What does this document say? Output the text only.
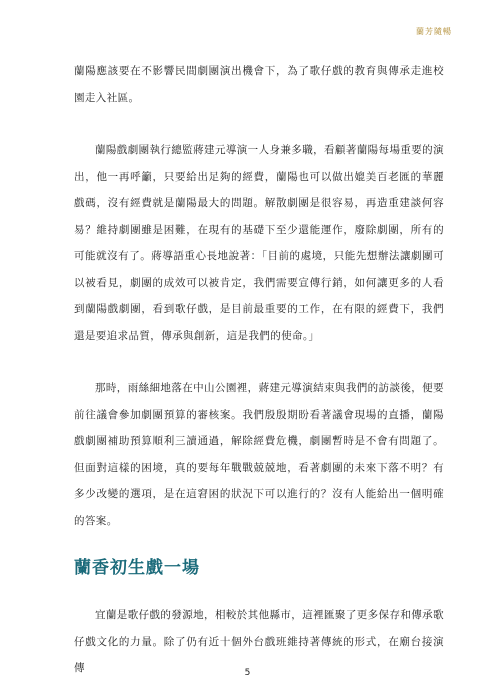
蘭芳隨暢

蘭陽應該要在不影響民間劇團演出機會下，為了歌仔戲的教育與傳承走進校園走入社區。

蘭陽戲劇團執行總監蔣建元導演一人身兼多職，看顧著蘭陽每場重要的演出，他一再呼籲，只要給出足夠的經費，蘭陽也可以做出媲美百老匯的華麗戲碼，沒有經費就是蘭陽最大的問題。解散劇團是很容易，再造重建談何容易？維持劇團雖是困難，在現有的基礎下至少還能運作，廢除劇團，所有的可能就沒有了。蔣導語重心長地說著：「目前的處境，只能先想辦法讓劇團可以被看見，劇團的成效可以被肯定，我們需要宣傳行銷，如何讓更多的人看到蘭陽戲劇團，看到歌仔戲，是目前最重要的工作，在有限的經費下，我們還是要追求品質，傳承與創新，這是我們的使命。」

那時，雨絲細地落在中山公園裡，蔣建元導演結束與我們的訪談後，便要前往議會參加劇團預算的審核案。我們殷殷期盼看著議會現場的直播，蘭陽戲劇團補助預算順利三讀通過，解除經費危機，劇團暫時是不會有問題了。但面對這樣的困境，真的要每年戰戰兢兢地，看著劇團的未來下落不明？有多少改變的選項，是在這窘困的狀況下可以進行的？沒有人能給出一個明確的答案。

蘭香初生戲一場

宜蘭是歌仔戲的發源地，相較於其他縣市，這裡匯聚了更多保存和傳承歌仔戲文化的力量。除了仍有近十個外台戲班維持著傳統的形式，在廟台接演傳	5
